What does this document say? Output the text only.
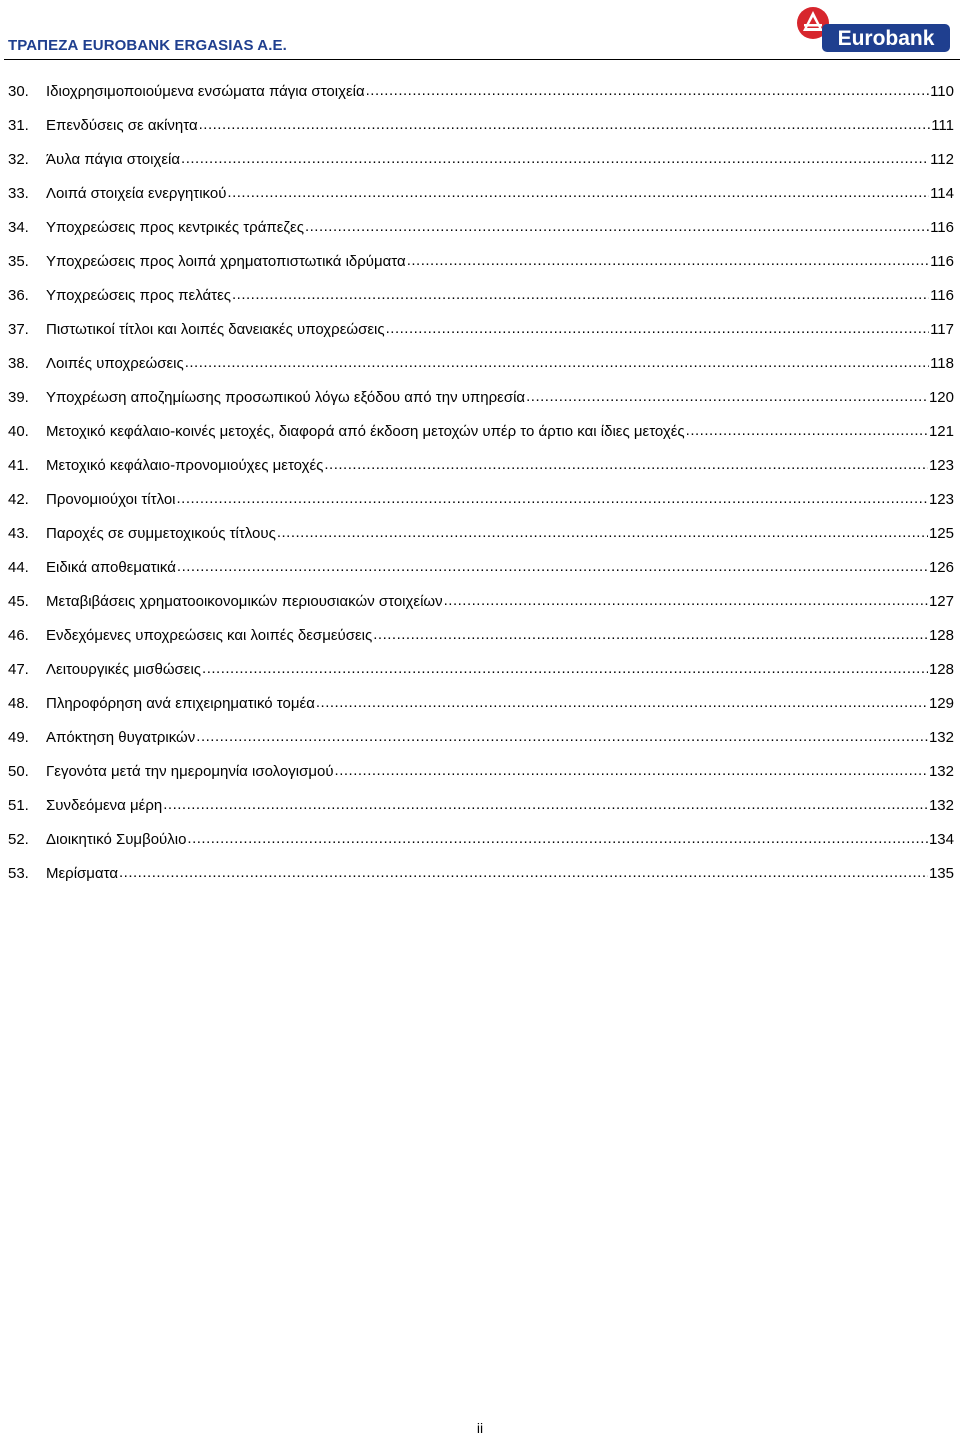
ΤΡΑΠΕΖΑ EUROBANK ERGASIAS A.E.	Eurobank
30.	Ιδιοχρησιμοποιούμενα ενσώματα πάγια στοιχεία .....	110
31.	Επενδύσεις σε ακίνητα .....	111
32.	Άυλα πάγια στοιχεία .....	112
33.	Λοιπά στοιχεία ενεργητικού .....	114
34.	Υποχρεώσεις προς κεντρικές τράπεζες .....	116
35.	Υποχρεώσεις προς λοιπά χρηματοπιστωτικά ιδρύματα .....	116
36.	Υποχρεώσεις προς πελάτες .....	116
37.	Πιστωτικοί τίτλοι και λοιπές δανειακές υποχρεώσεις .....	117
38.	Λοιπές υποχρεώσεις .....	118
39.	Υποχρέωση αποζημίωσης προσωπικού λόγω εξόδου από την υπηρεσία .....	120
40.	Μετοχικό κεφάλαιο-κοινές μετοχές, διαφορά από έκδοση μετοχών υπέρ το άρτιο και ίδιες μετοχές .....	121
41.	Μετοχικό κεφάλαιο-προνομιούχες μετοχές .....	123
42.	Προνομιούχοι τίτλοι .....	123
43.	Παροχές σε συμμετοχικούς τίτλους .....	125
44.	Ειδικά αποθεματικά .....	126
45.	Μεταβιβάσεις χρηματοοικονομικών περιουσιακών στοιχείων .....	127
46.	Ενδεχόμενες υποχρεώσεις και λοιπές δεσμεύσεις .....	128
47.	Λειτουργικές μισθώσεις .....	128
48.	Πληροφόρηση ανά επιχειρηματικό τομέα .....	129
49.	Απόκτηση θυγατρικών .....	132
50.	Γεγονότα μετά την ημερομηνία ισολογισμού .....	132
51.	Συνδεόμενα μέρη .....	132
52.	Διοικητικό Συμβούλιο .....	134
53.	Μερίσματα .....	135
ii
